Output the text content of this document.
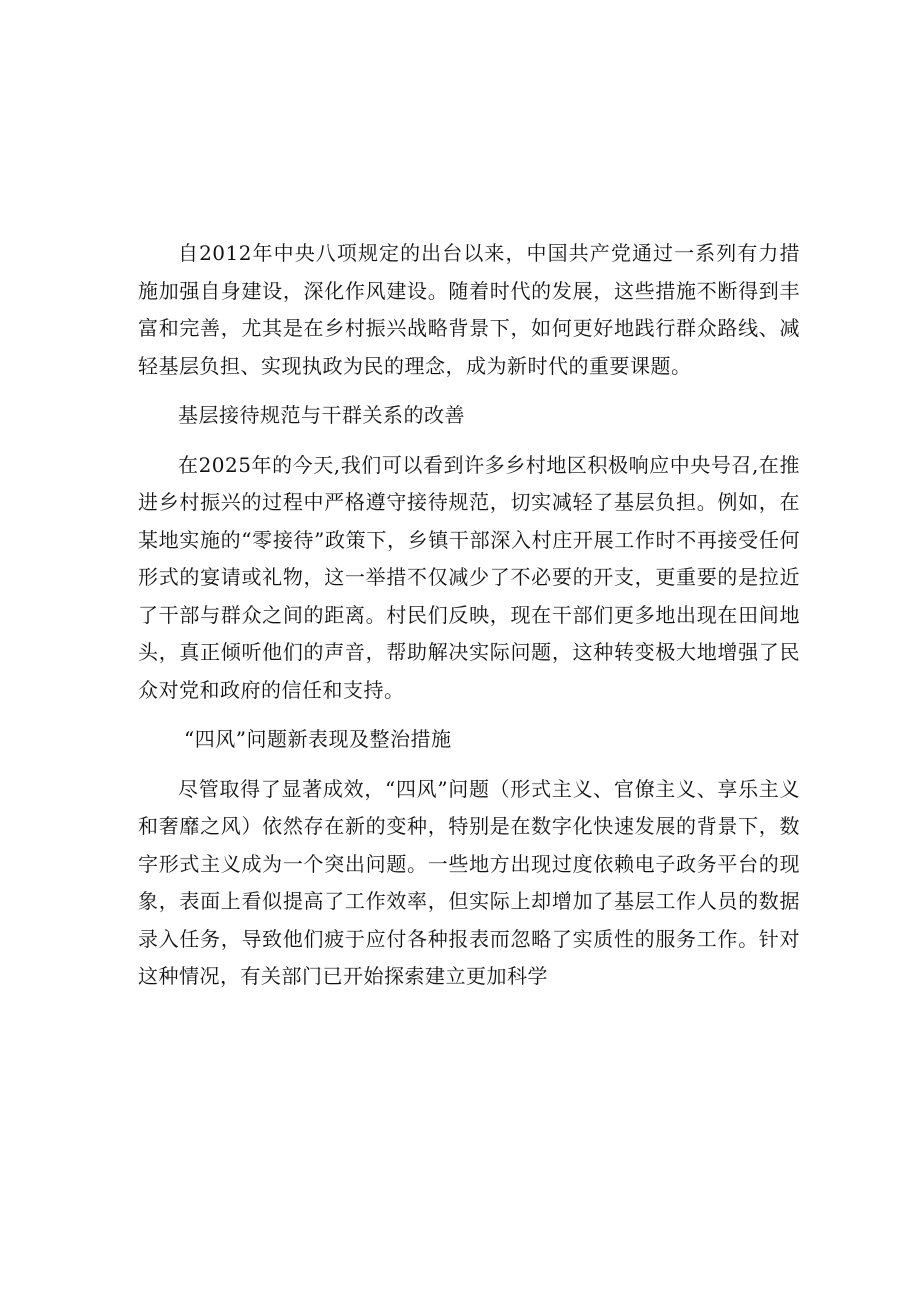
自2012年中央八项规定的出台以来，中国共产党通过一系列有力措施加强自身建设，深化作风建设。随着时代的发展，这些措施不断得到丰富和完善，尤其是在乡村振兴战略背景下，如何更好地践行群众路线、减轻基层负担、实现执政为民的理念，成为新时代的重要课题。

基层接待规范与干群关系的改善

在2025年的今天,我们可以看到许多乡村地区积极响应中央号召,在推进乡村振兴的过程中严格遵守接待规范，切实减轻了基层负担。例如，在某地实施的“零接待”政策下，乡镇干部深入村庄开展工作时不再接受任何形式的宴请或礼物，这一举措不仅减少了不必要的开支，更重要的是拉近了干部与群众之间的距离。村民们反映，现在干部们更多地出现在田间地头，真正倾听他们的声音，帮助解决实际问题，这种转变极大地增强了民众对党和政府的信任和支持。

“四风”问题新表现及整治措施

尽管取得了显著成效，“四风”问题（形式主义、官僚主义、享乐主义和奢靡之风）依然存在新的变种，特别是在数字化快速发展的背景下，数字形式主义成为一个突出问题。一些地方出现过度依赖电子政务平台的现象，表面上看似提高了工作效率，但实际上却增加了基层工作人员的数据录入任务，导致他们疲于应付各种报表而忽略了实质性的服务工作。针对这种情况，有关部门已开始探索建立更加科学
